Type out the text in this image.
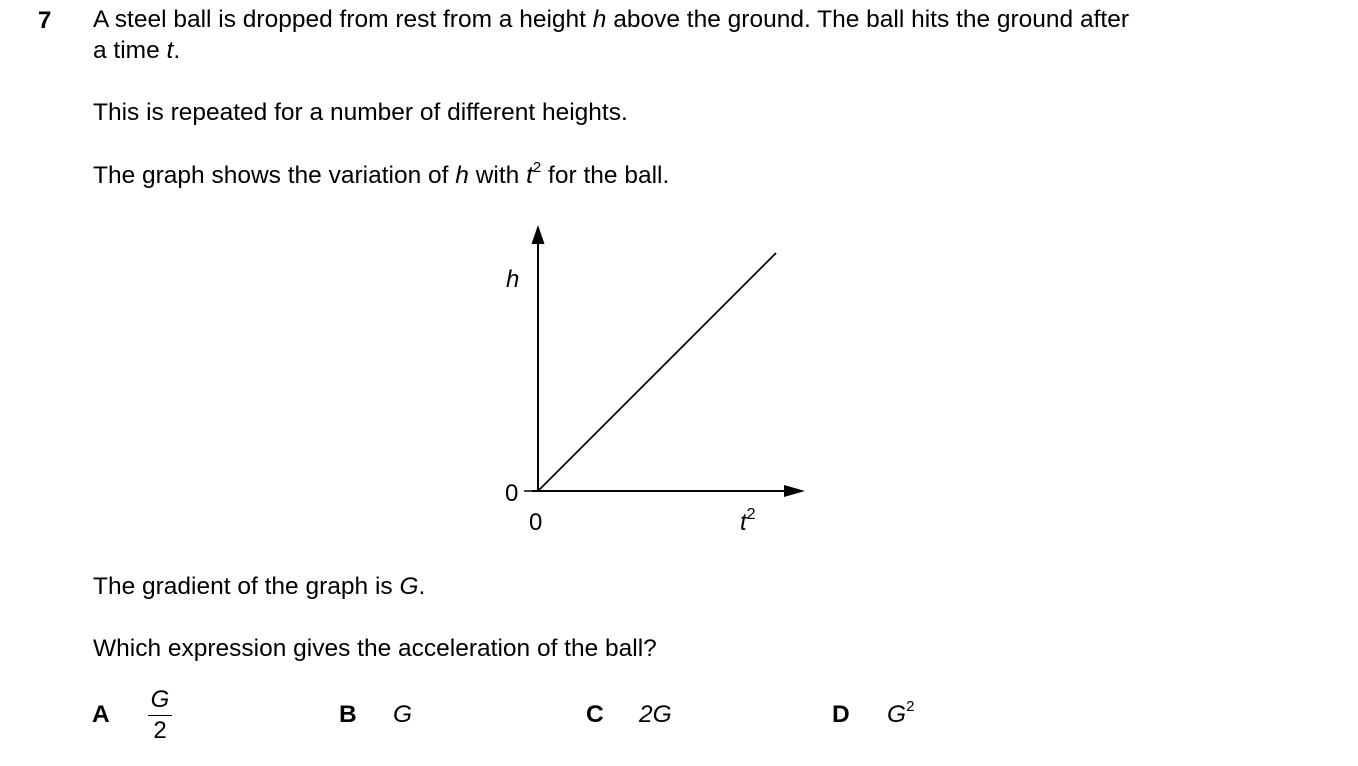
7 A steel ball is dropped from rest from a height h above the ground. The ball hits the ground after
a time t.
This is repeated for a number of different heights.
The graph shows the variation of h with $t^2$ for the ball.
h
0
0	$t^2$
The gradient of the graph is G.
Which expression gives the acceleration of the ball?
A $\frac{G}{2}$	B G	C 2G	D $G^2$
